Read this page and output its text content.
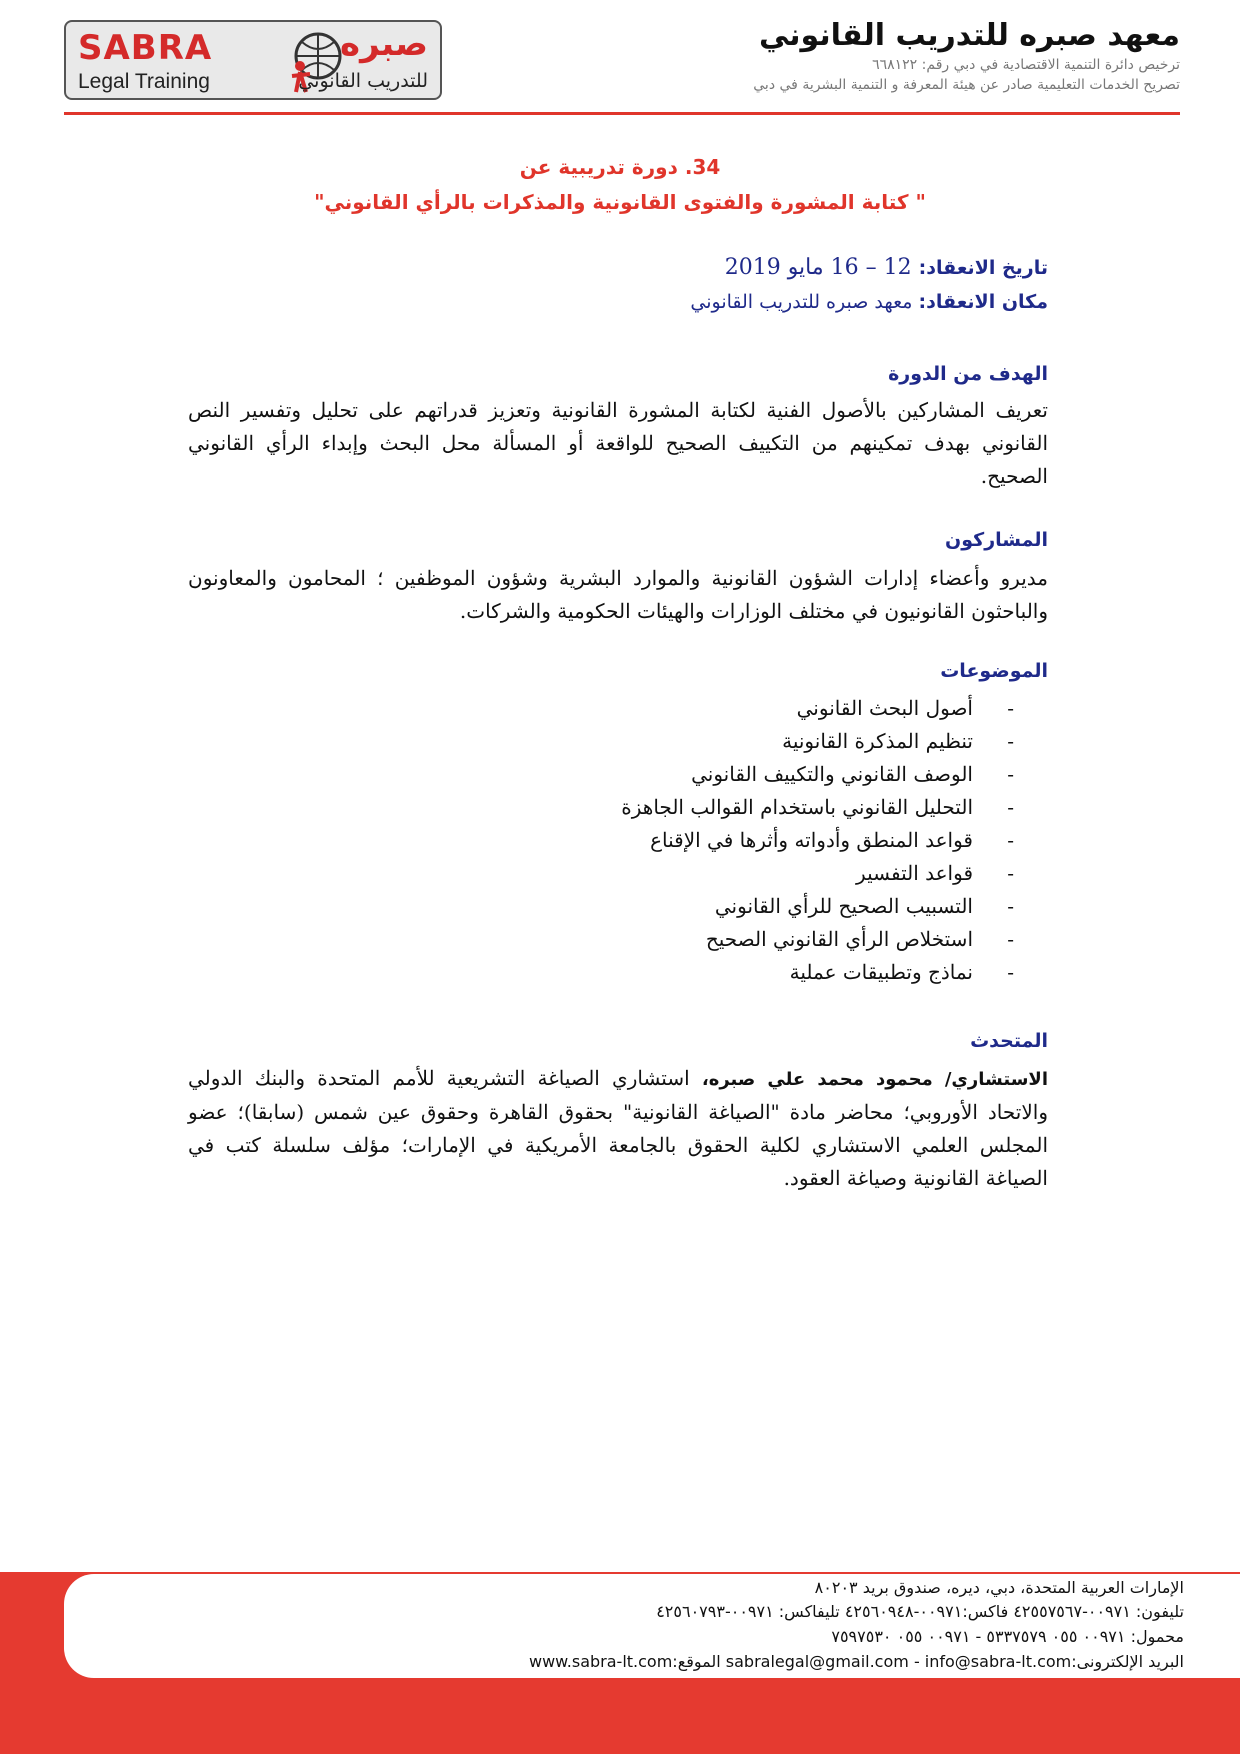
SABRA
Legal Training
صبره
للتدريب القانوني
معهد صبره للتدريب القانوني
ترخيص دائرة التنمية الاقتصادية في دبي رقم: ٦٦٨١٢٢
تصريح الخدمات التعليمية صادر عن هيئة المعرفة و التنمية البشرية في دبي
34. دورة تدريبية عن
" كتابة المشورة والفتوى القانونية والمذكرات بالرأي القانوني"
تاريخ الانعقاد: 12 – 16 مايو 2019
مكان الانعقاد: معهد صبره للتدريب القانوني
الهدف من الدورة
تعريف المشاركين بالأصول الفنية لكتابة المشورة القانونية وتعزيز قدراتهم على تحليل وتفسير النص القانوني بهدف تمكينهم من التكييف الصحيح للواقعة أو المسألة محل البحث وإبداء الرأي القانوني الصحيح.
المشاركون
مديرو وأعضاء إدارات الشؤون القانونية والموارد البشرية وشؤون الموظفين ؛ المحامون والمعاونون والباحثون القانونيون في مختلف الوزارات والهيئات الحكومية والشركات.
الموضوعات
-
أصول البحث القانوني
-
تنظيم المذكرة القانونية
-
الوصف القانوني والتكييف القانوني
-
التحليل القانوني باستخدام القوالب الجاهزة
-
قواعد المنطق وأدواته وأثرها في الإقناع
-
قواعد التفسير
-
التسبيب الصحيح للرأي القانوني
-
استخلاص الرأي القانوني الصحيح
-
نماذج وتطبيقات عملية
المتحدث
الاستشاري/ محمود محمد علي صبره، استشاري الصياغة التشريعية للأمم المتحدة والبنك الدولي والاتحاد الأوروبي؛ محاضر مادة "الصياغة القانونية" بحقوق القاهرة وحقوق عين شمس (سابقا)؛ عضو المجلس العلمي الاستشاري لكلية الحقوق بالجامعة الأمريكية في الإمارات؛ مؤلف سلسلة كتب في الصياغة القانونية وصياغة العقود.
الإمارات العربية المتحدة، دبي، ديره، صندوق بريد ٨٠٢٠٣
تليفون: ٠٠٩٧١-٤٢٥٥٧٥٦٧ فاكس:٠٠٩٧١-٤٢٥٦٠٩٤٨ تليفاكس: ٠٠٩٧١-٤٢٥٦٠٧٩٣
محمول: ٠٠٩٧١ ٠٥٥ ٥٣٣٧٥٧٩ - ٠٠٩٧١ ٠٥٥ ٧٥٩٧٥٣٠
البريد الإلكترونى:sabralegal@gmail.com - info@sabra-lt.com الموقع:www.sabra-lt.com
